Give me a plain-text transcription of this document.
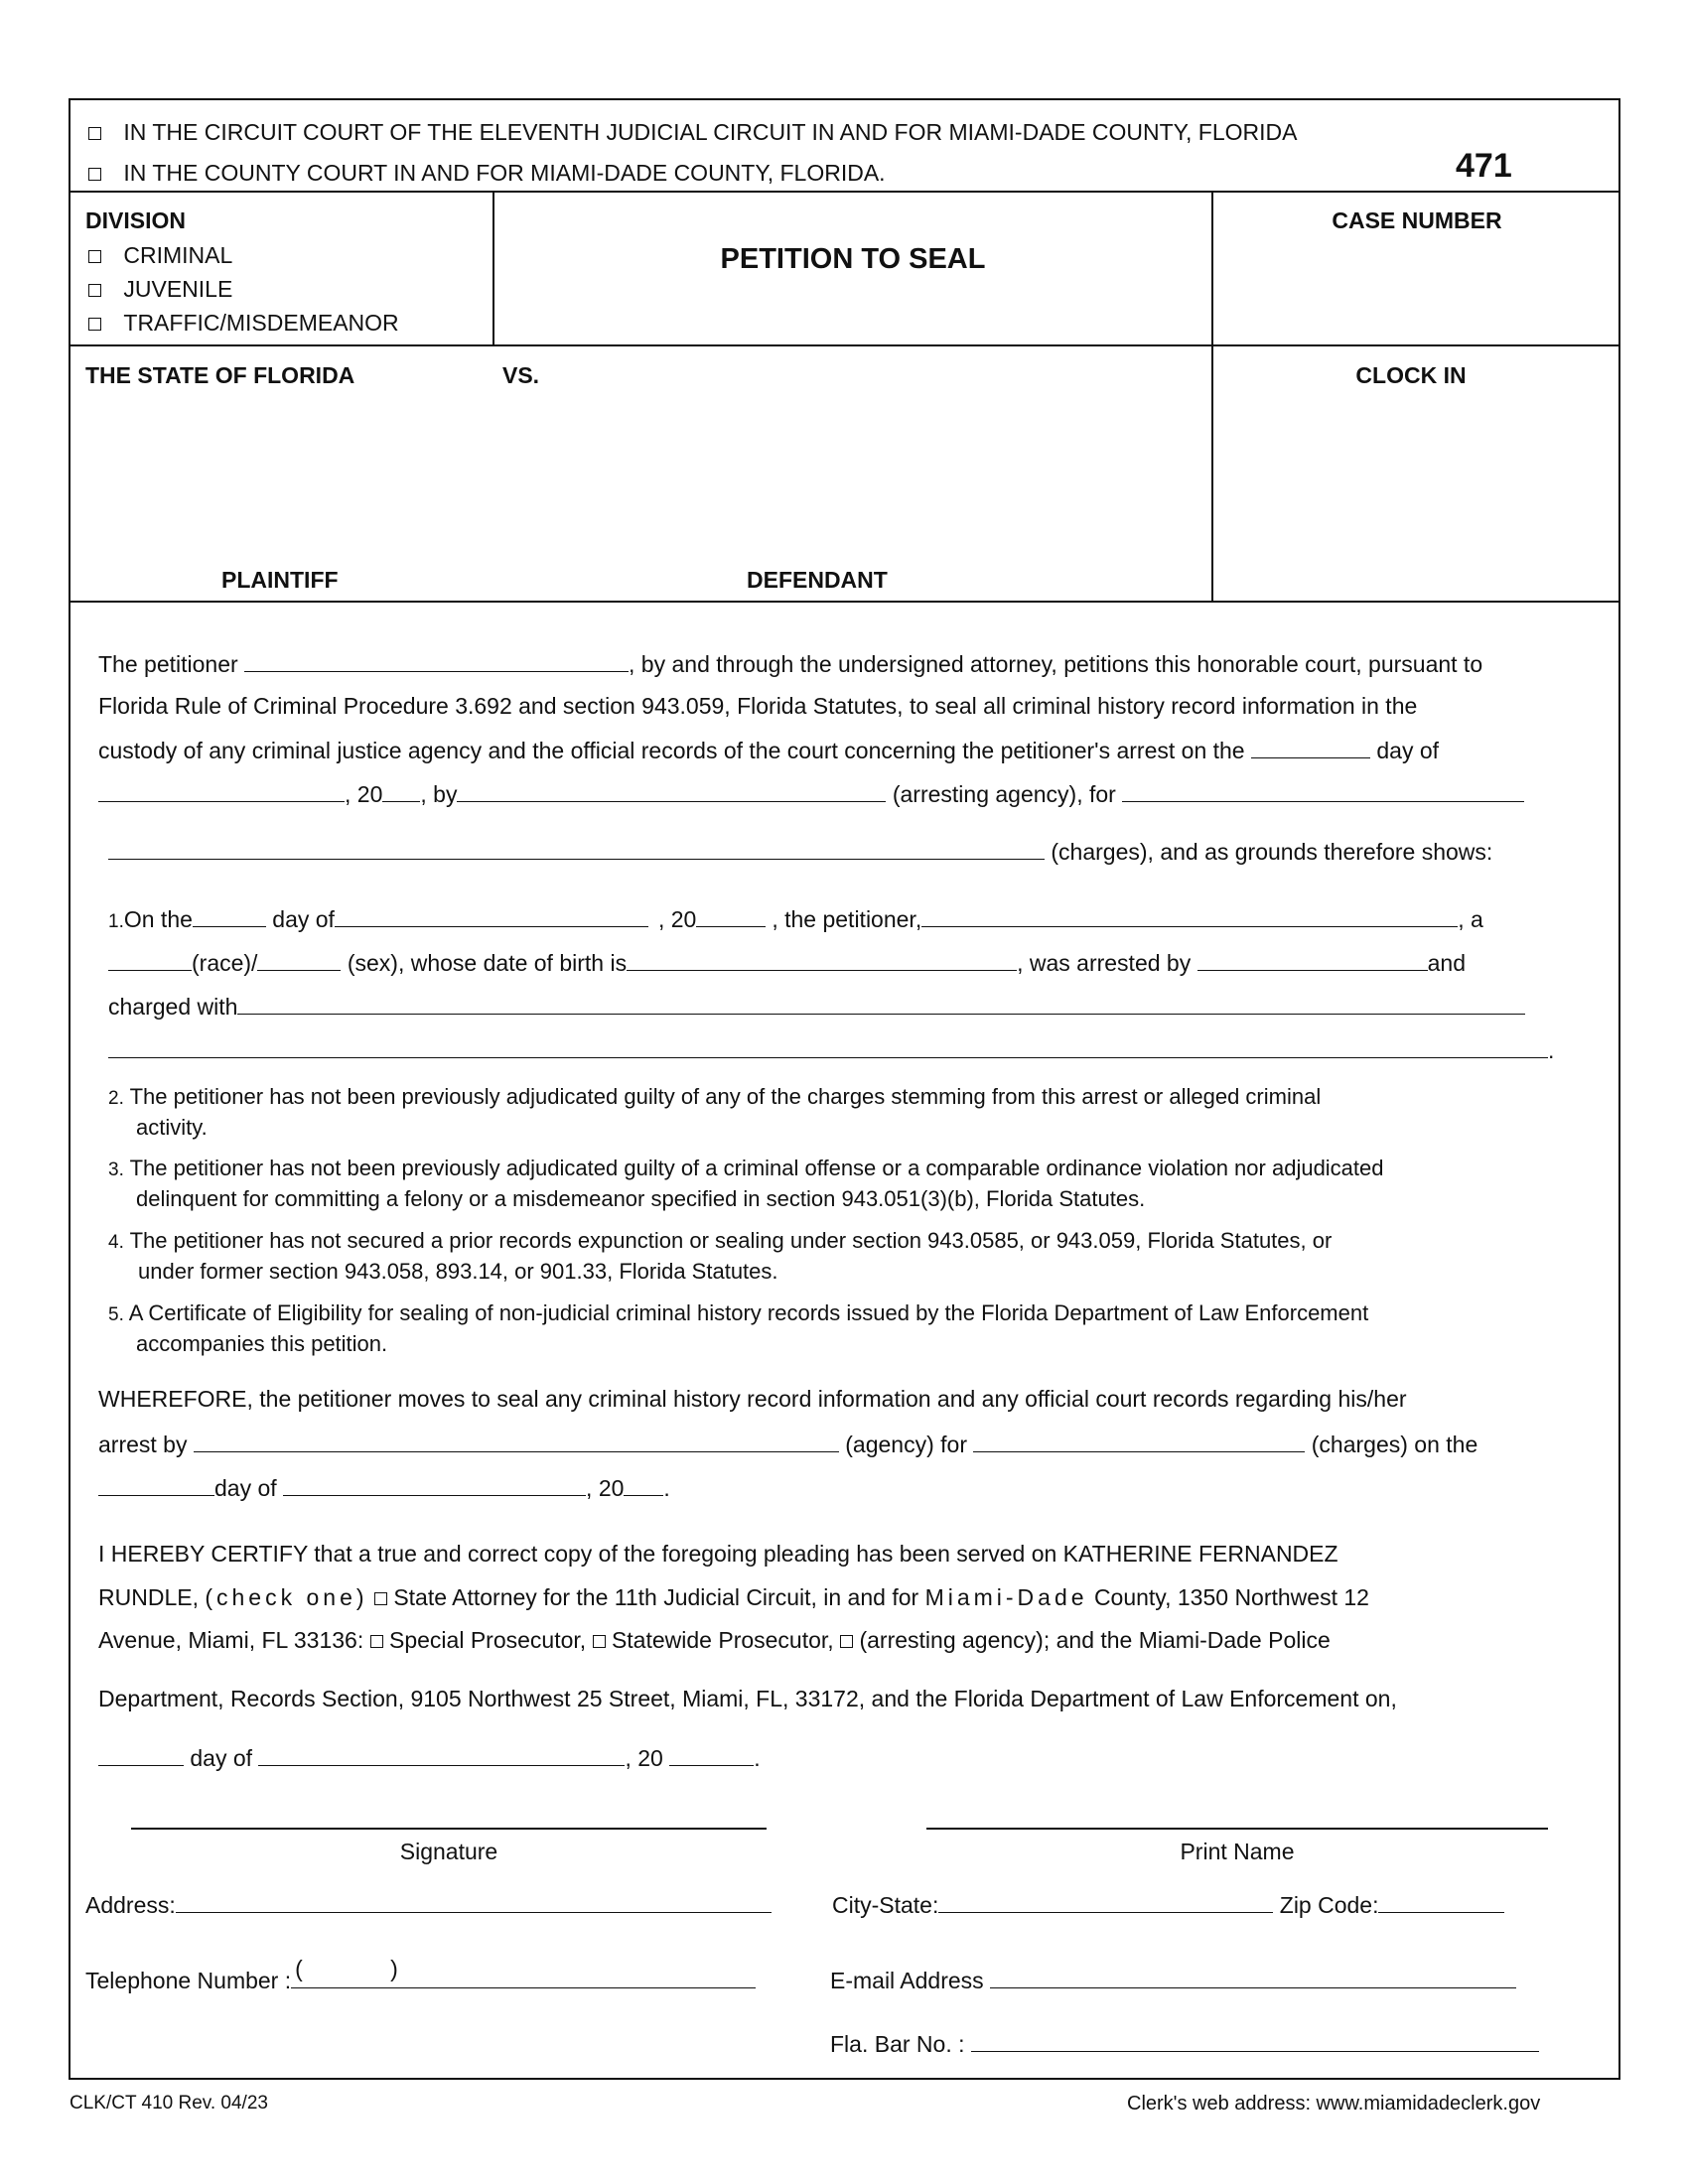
IN THE CIRCUIT COURT OF THE ELEVENTH JUDICIAL CIRCUIT IN AND FOR MIAMI-DADE COUNTY, FLORIDA
IN THE COUNTY COURT IN AND FOR MIAMI-DADE COUNTY, FLORIDA.	471
DIVISION
CRIMINAL
JUVENILE
TRAFFIC/MISDEMEANOR
PETITION TO SEAL
CASE NUMBER
THE STATE OF FLORIDA	VS.
PLAINTIFF	DEFENDANT
CLOCK IN
The petitioner	, by and through the undersigned attorney, petitions this honorable court, pursuant to
Florida Rule of Criminal Procedure 3.692 and section 943.059, Florida Statutes, to seal all criminal history record information in the
custody of any criminal justice agency and the official records of the court concerning the petitioner's arrest on the	day of
, 20 , by	(arresting agency), for
(charges), and as grounds therefore shows:
1.On the	day of	, 20	, the petitioner,	, a
(race)/	(sex), whose date of birth is	, was arrested by	and
charged with
.
2. The petitioner has not been previously adjudicated guilty of any of the charges stemming from this arrest or alleged criminal
activity.
3. The petitioner has not been previously adjudicated guilty of a criminal offense or a comparable ordinance violation nor adjudicated
delinquent for committing a felony or a misdemeanor specified in section 943.051(3)(b), Florida Statutes.
4. The petitioner has not secured a prior records expunction or sealing under section 943.0585, or 943.059, Florida Statutes, or
under former section 943.058, 893.14, or 901.33, Florida Statutes.
5. A Certificate of Eligibility for sealing of non-judicial criminal history records issued by the Florida Department of Law Enforcement
accompanies this petition.
WHEREFORE, the petitioner moves to seal any criminal history record information and any official court records regarding his/her
arrest by	(agency) for	(charges) on the
day of	, 20 .
I HEREBY CERTIFY that a true and correct copy of the foregoing pleading has been served on KATHERINE FERNANDEZ
RUNDLE, (check one) State Attorney for the 11th Judicial Circuit, in and for Miami-Dade County, 1350 Northwest 12
Avenue, Miami, FL 33136: Special Prosecutor, Statewide Prosecutor, (arresting agency); and the Miami-Dade Police
Department, Records Section, 9105 Northwest 25 Street, Miami, FL, 33172, and the Florida Department of Law Enforcement on,
day of	, 20	.
Signature	Print Name
Address:	City-State:	Zip Code:
Telephone Number : (	)	E-mail Address
Fla. Bar No. :
CLK/CT 410 Rev. 04/23	Clerk's web address: www.miamidadeclerk.gov
